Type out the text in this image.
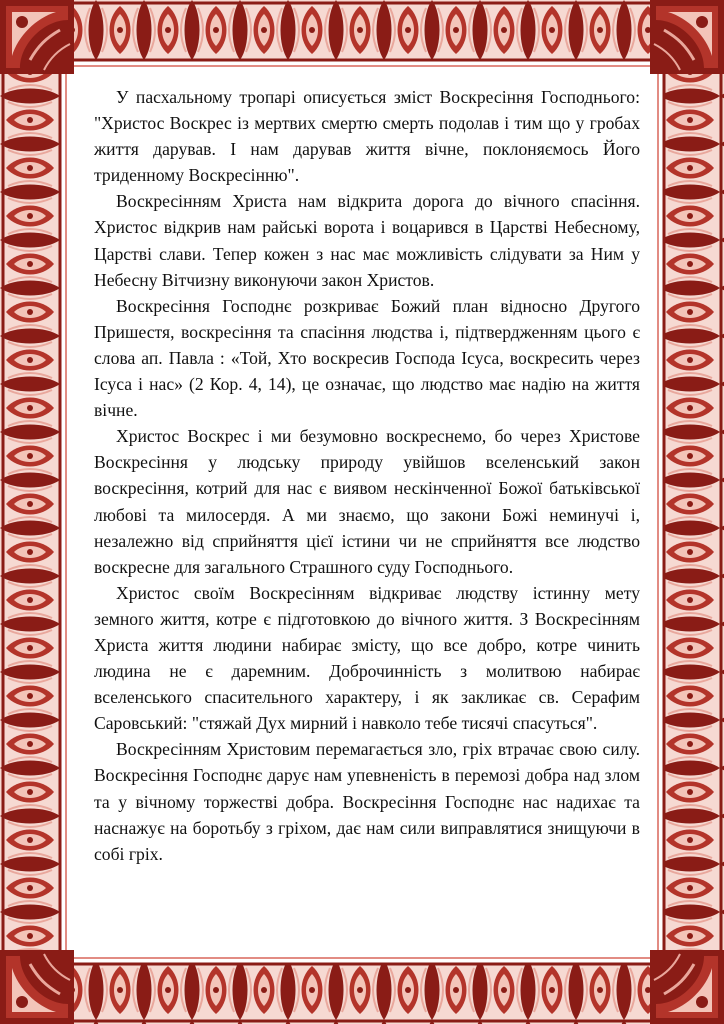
У пасхальному тропарі описується зміст Воскресіння Господнього: "Христос Воскрес із мертвих смертю смерть подолав і тим що у гробах життя дарував. І нам дарував життя вічне, поклоняємось Його триденному Воскресінню".

Воскресінням Христа нам відкрита дорога до вічного спасіння. Христос відкрив нам райські ворота і воцарився в Царстві Небесному, Царстві слави. Тепер кожен з нас має можливість слідувати за Ним у Небесну Вітчизну виконуючи закон Христов.

Воскресіння Господнє розкриває Божий план відносно Другого Пришестя, воскресіння та спасіння людства і, підтвердженням цього є слова ап. Павла : «Той, Хто воскресив Господа Ісуса, воскресить через Ісуса і нас» (2 Кор. 4, 14), це означає, що людство має надію на життя вічне.

Христос Воскрес і ми безумовно воскреснемо, бо через Христове Воскресіння у людську природу увійшов вселенський закон воскресіння, котрий для нас є виявом нескінченної Божої батьківської любові та милосердя. А ми знаємо, що закони Божі неминучі і, незалежно від сприйняття цієї істини чи не сприйняття все людство воскресне для загального Страшного суду Господнього.

Христос своїм Воскресінням відкриває людству істинну мету земного життя, котре є підготовкою до вічного життя. З Воскресінням Христа життя людини набирає змісту, що все добро, котре чинить людина не є даремним. Доброчинність з молитвою набирає вселенського спасительного характеру, і як закликає св. Серафим Саровський: "стяжай Дух мирний і навколо тебе тисячі спасуться".

Воскресінням Христовим перемагається зло, гріх втрачає свою силу. Воскресіння Господнє дарує нам упевненість в перемозі добра над злом та у вічному торжестві добра. Воскресіння Господнє нас надихає та наснажує на боротьбу з гріхом, дає нам сили виправлятися знищуючи в собі гріх.
